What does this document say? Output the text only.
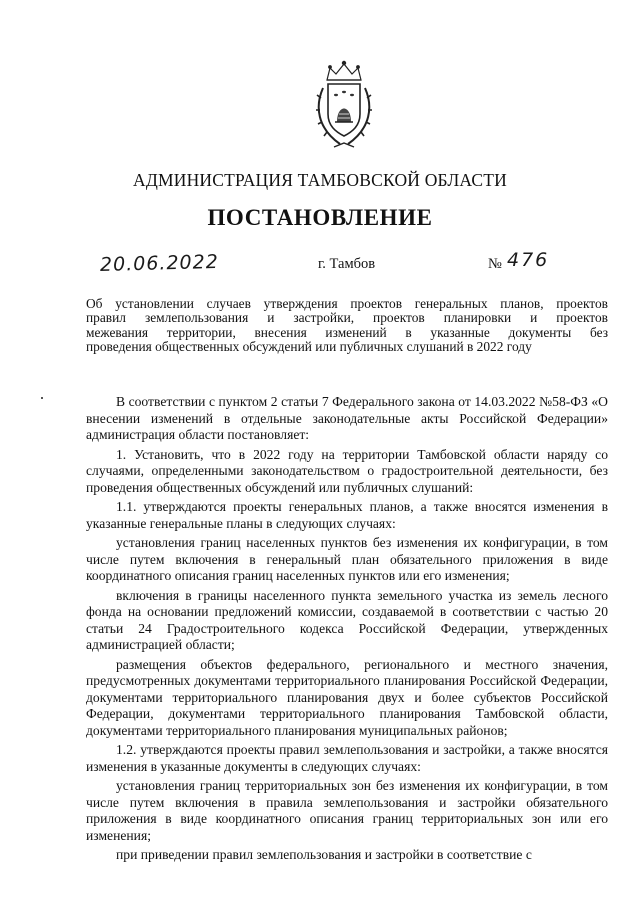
АДМИНИСТРАЦИЯ ТАМБОВСКОЙ ОБЛАСТИ
ПОСТАНОВЛЕНИЕ
20.06.2022	г. Тамбов	№ 476
Об установлении случаев утверждения проектов генеральных планов, проектов
правил землепользования и застройки, проектов планировки и проектов
межевания территории, внесения изменений в указанные документы без
проведения общественных обсуждений или публичных слушаний в 2022 году

В соответствии с пунктом 2 статьи 7 Федерального закона от 14.03.2022 №58-ФЗ «О внесении изменений в отдельные законодательные акты Российской Федерации» администрация области постановляет:

1. Установить, что в 2022 году на территории Тамбовской области наряду со случаями, определенными законодательством о градостроительной деятельности, без проведения общественных обсуждений или публичных слушаний:

1.1. утверждаются проекты генеральных планов, а также вносятся изменения в указанные генеральные планы в следующих случаях:

установления границ населенных пунктов без изменения их конфигурации, в том числе путем включения в генеральный план обязательного приложения в виде координатного описания границ населенных пунктов или его изменения;

включения в границы населенного пункта земельного участка из земель лесного фонда на основании предложений комиссии, создаваемой в соответствии с частью 20 статьи 24 Градостроительного кодекса Российской Федерации, утвержденных администрацией области;

размещения объектов федерального, регионального и местного значения, предусмотренных документами территориального планирования Российской Федерации, документами территориального планирования двух и более субъектов Российской Федерации, документами территориального планирования Тамбовской области, документами территориального планирования муниципальных районов;

1.2. утверждаются проекты правил землепользования и застройки, а также вносятся изменения в указанные документы в следующих случаях:

установления границ территориальных зон без изменения их конфигурации, в том числе путем включения в правила землепользования и застройки обязательного приложения в виде координатного описания границ территориальных зон или его изменения;

при приведении правил землепользования и застройки в соответствие с
